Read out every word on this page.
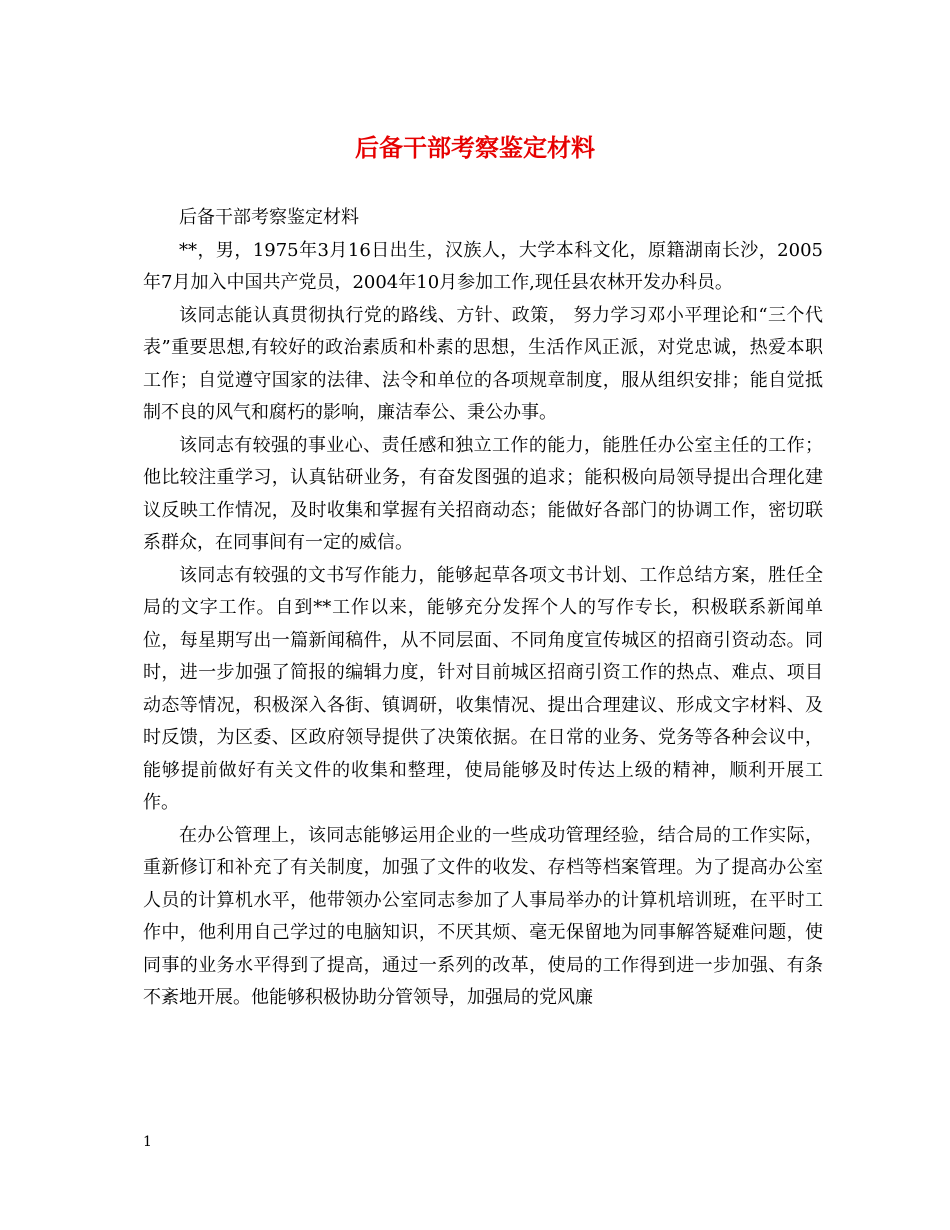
后备干部考察鉴定材料

后备干部考察鉴定材料

**，男，1975年3月16日出生，汉族人，大学本科文化，原籍湖南长沙，2005年7月加入中国共产党员，2004年10月参加工作,现任县农林开发办科员。

该同志能认真贯彻执行党的路线、方针、政策， 努力学习邓小平理论和“三个代表”重要思想,有较好的政治素质和朴素的思想，生活作风正派，对党忠诚，热爱本职工作；自觉遵守国家的法律、法令和单位的各项规章制度，服从组织安排；能自觉抵制不良的风气和腐朽的影响，廉洁奉公、秉公办事。

该同志有较强的事业心、责任感和独立工作的能力，能胜任办公室主任的工作；他比较注重学习，认真钻研业务，有奋发图强的追求；能积极向局领导提出合理化建议反映工作情况，及时收集和掌握有关招商动态；能做好各部门的协调工作，密切联系群众，在同事间有一定的威信。

该同志有较强的文书写作能力，能够起草各项文书计划、工作总结方案，胜任全局的文字工作。自到**工作以来，能够充分发挥个人的写作专长，积极联系新闻单位，每星期写出一篇新闻稿件，从不同层面、不同角度宣传城区的招商引资动态。同时，进一步加强了简报的编辑力度，针对目前城区招商引资工作的热点、难点、项目动态等情况，积极深入各街、镇调研，收集情况、提出合理建议、形成文字材料、及时反馈，为区委、区政府领导提供了决策依据。在日常的业务、党务等各种会议中，能够提前做好有关文件的收集和整理，使局能够及时传达上级的精神，顺利开展工作。

在办公管理上，该同志能够运用企业的一些成功管理经验，结合局的工作实际，重新修订和补充了有关制度，加强了文件的收发、存档等档案管理。为了提高办公室人员的计算机水平，他带领办公室同志参加了人事局举办的计算机培训班，在平时工作中，他利用自己学过的电脑知识，不厌其烦、毫无保留地为同事解答疑难问题，使同事的业务水平得到了提高，通过一系列的改革，使局的工作得到进一步加强、有条不紊地开展。他能够积极协助分管领导，加强局的党风廉

1
